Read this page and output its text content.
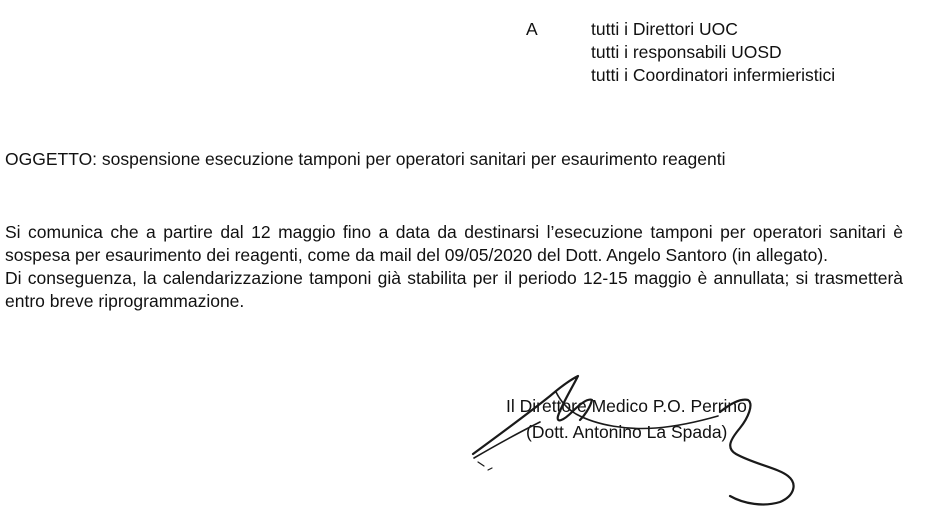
A	tutti i Direttori UOC
tutti i responsabili UOSD
tutti i Coordinatori infermieristici
OGGETTO: sospensione esecuzione tamponi per operatori sanitari per esaurimento reagenti

Si comunica che a partire dal 12 maggio fino a data da destinarsi l’esecuzione tamponi per operatori sanitari è sospesa per esaurimento dei reagenti, come da mail del 09/05/2020 del Dott. Angelo Santoro (in allegato).

Di conseguenza, la calendarizzazione tamponi già stabilita per il periodo 12-15 maggio è annullata; si trasmetterà entro breve riprogrammazione.

Il Direttore Medico P.O. Perrino
(Dott. Antonino La Spada)
